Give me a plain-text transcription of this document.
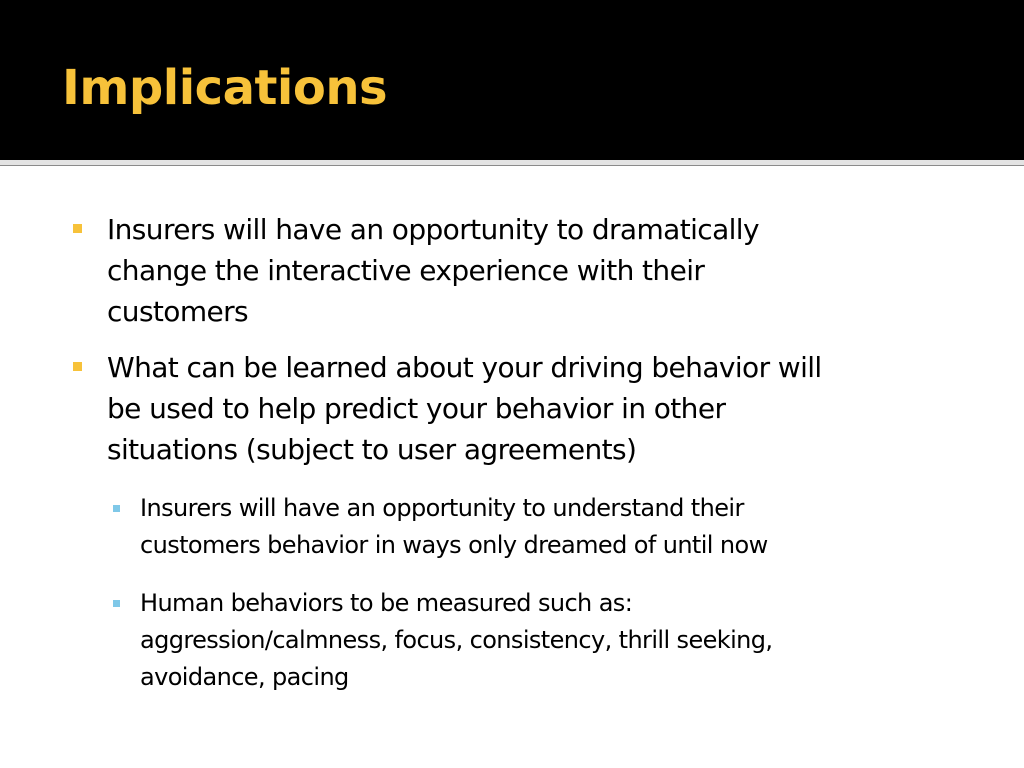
Implications
Insurers will have an opportunity to dramatically
change the interactive experience with their
customers
What can be learned about your driving behavior will
be used to help predict your behavior in other
situations (subject to user agreements)
Insurers will have an opportunity to understand their
customers behavior in ways only dreamed of until now
Human behaviors to be measured such as:
aggression/calmness, focus, consistency, thrill seeking,
avoidance, pacing
